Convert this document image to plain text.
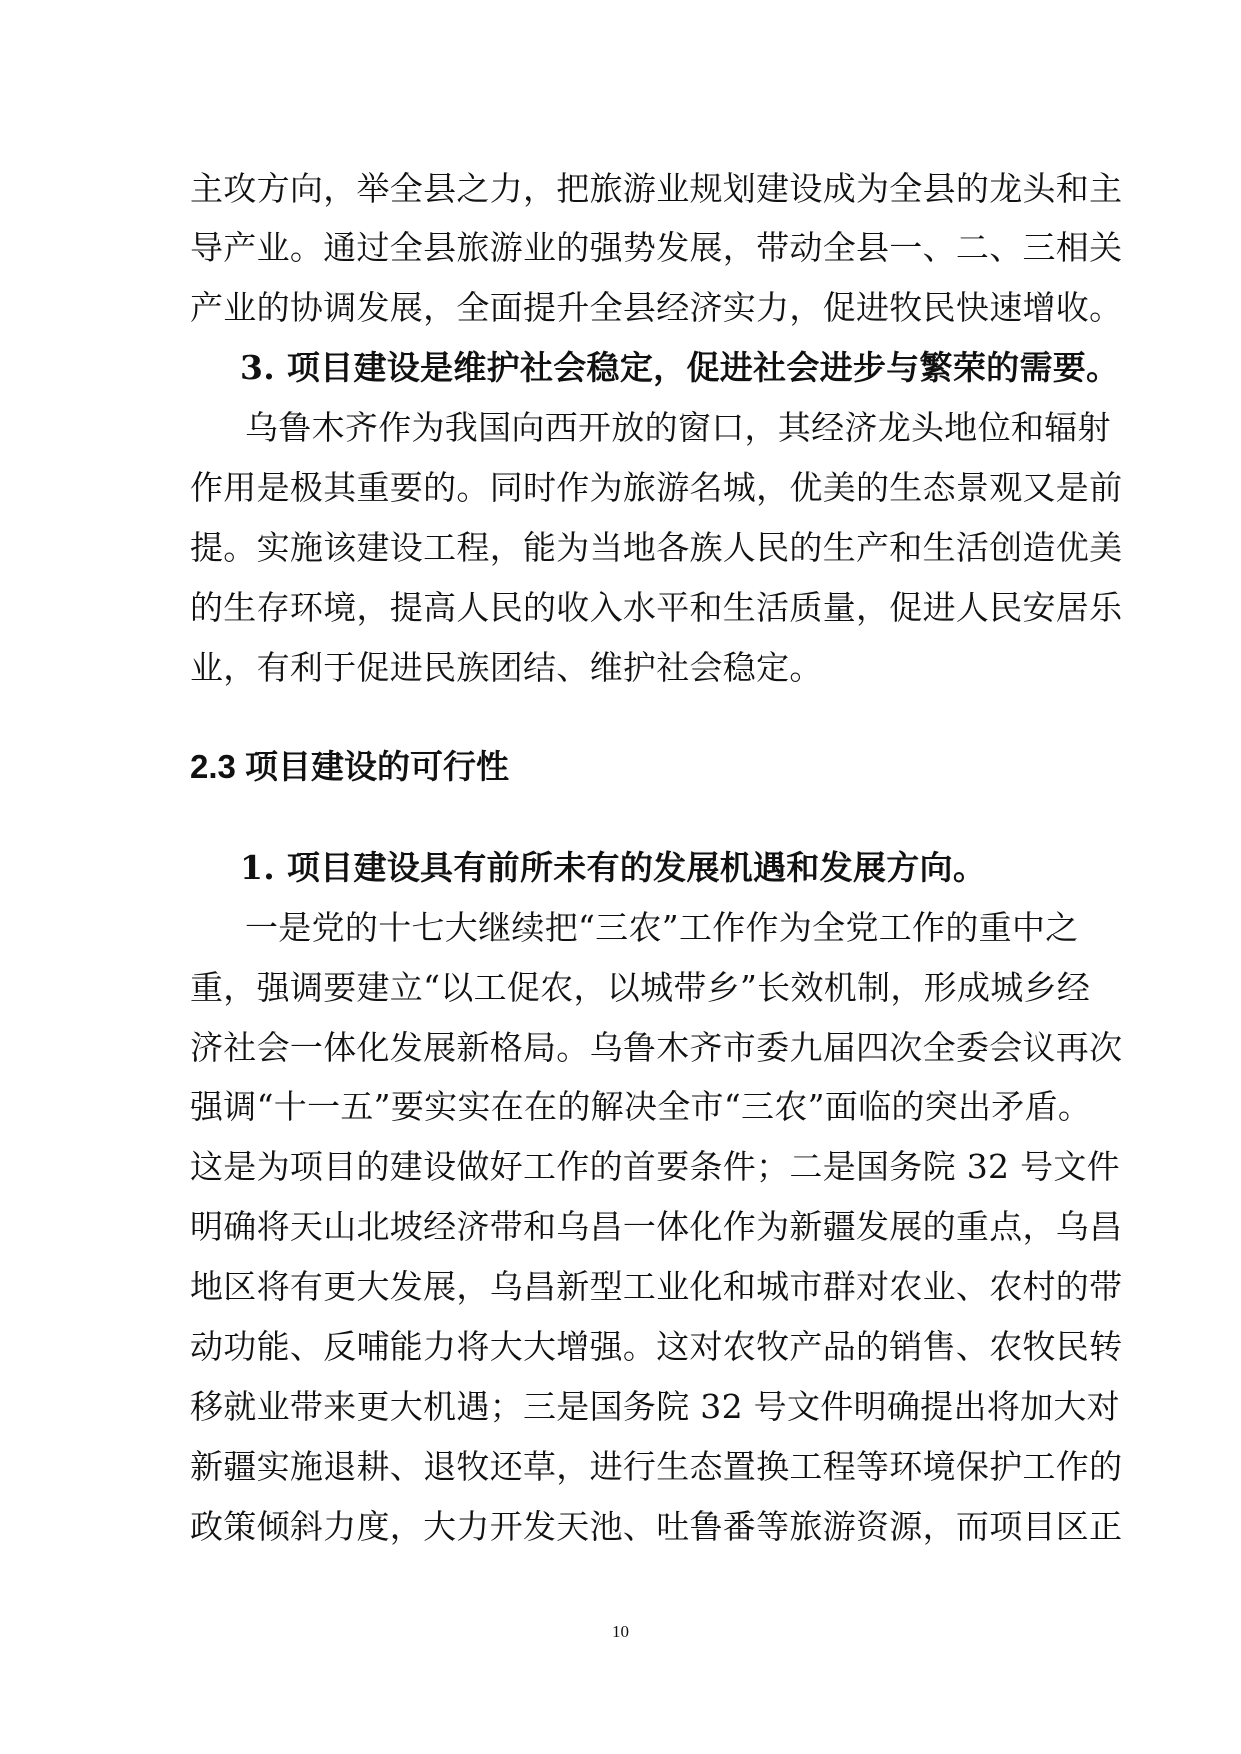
主攻方向，举全县之力，把旅游业规划建设成为全县的龙头和主
导产业。通过全县旅游业的强势发展，带动全县一、二、三相关
产业的协调发展，全面提升全县经济实力，促进牧民快速增收。
3. 项目建设是维护社会稳定，促进社会进步与繁荣的需要。
乌鲁木齐作为我国向西开放的窗口，其经济龙头地位和辐射
作用是极其重要的。同时作为旅游名城，优美的生态景观又是前
提。实施该建设工程，能为当地各族人民的生产和生活创造优美
的生存环境，提高人民的收入水平和生活质量，促进人民安居乐
业，有利于促进民族团结、维护社会稳定。
2.3 项目建设的可行性
1. 项目建设具有前所未有的发展机遇和发展方向。
一是党的十七大继续把“三农”工作作为全党工作的重中之
重，强调要建立“以工促农，以城带乡”长效机制，形成城乡经
济社会一体化发展新格局。乌鲁木齐市委九届四次全委会议再次
强调“十一五”要实实在在的解决全市“三农”面临的突出矛盾。
这是为项目的建设做好工作的首要条件；二是国务院 32 号文件
明确将天山北坡经济带和乌昌一体化作为新疆发展的重点，乌昌
地区将有更大发展，乌昌新型工业化和城市群对农业、农村的带
动功能、反哺能力将大大增强。这对农牧产品的销售、农牧民转
移就业带来更大机遇；三是国务院 32 号文件明确提出将加大对
新疆实施退耕、退牧还草，进行生态置换工程等环境保护工作的
政策倾斜力度，大力开发天池、吐鲁番等旅游资源，而项目区正
10
